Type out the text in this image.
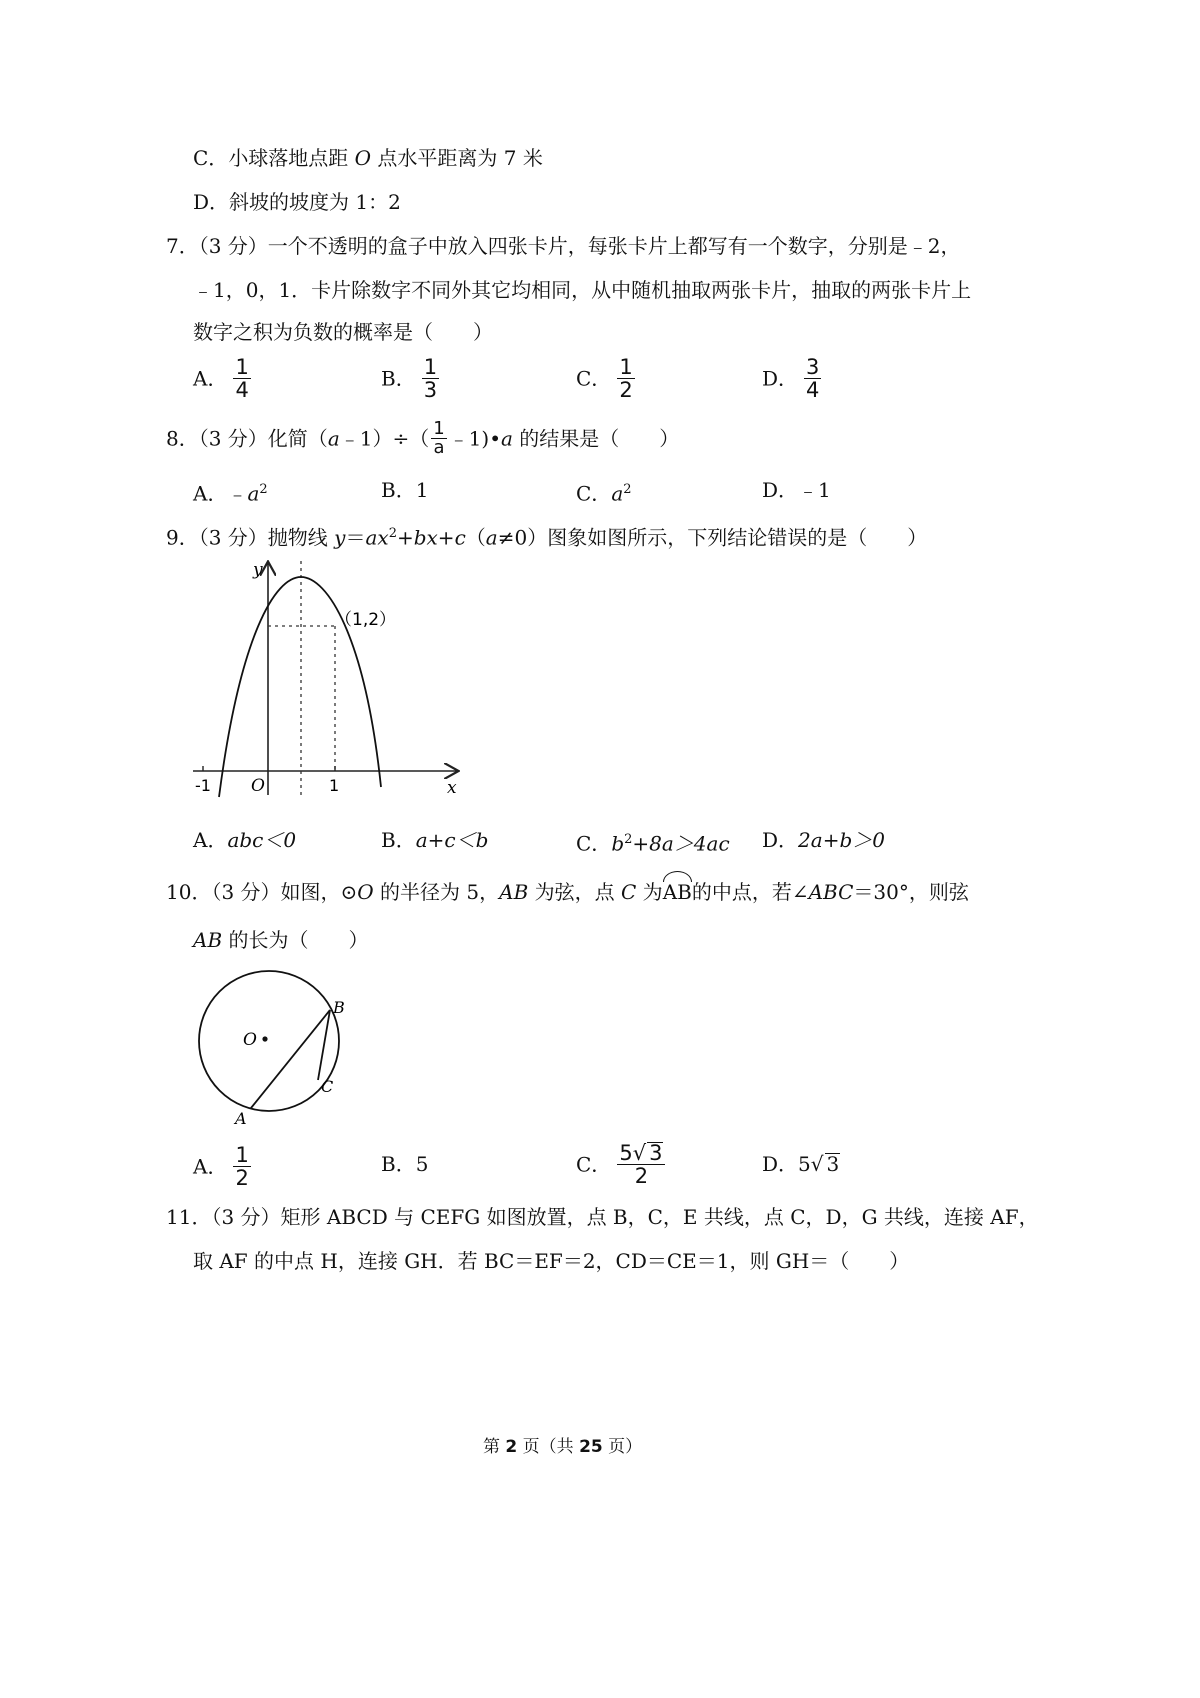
C．小球落地点距 O 点水平距离为 7 米
D．斜坡的坡度为 1：2
7．（3 分）一个不透明的盒子中放入四张卡片，每张卡片上都写有一个数字，分别是﹣2，
﹣1，0，1．卡片除数字不同外其它均相同，从中随机抽取两张卡片，抽取的两张卡片上
数字之积为负数的概率是（　　）
A． $\frac{1}{4}$	B． $\frac{1}{3}$	C． $\frac{1}{2}$	D． $\frac{3}{4}$
8．（3 分）化简（a﹣1）÷（ $\frac{1}{a}$ ﹣1)•a 的结果是（　　）
A．$﹣a^2$	B．1	C．$a^2$	D．﹣1
9．（3 分）抛物线 $y=ax^2+bx+c(a\ne 0)$图象如图所示，下列结论错误的是（　　）
y
x
O
-1	1
（1,2）
A．abc＜0	B．a+c＜b	C．$b^2+8a>4ac$ D．2a+b＞0
10．（3 分）如图，⊙O 的半径为 5，AB 为弦，点 C 为AB的中点，若∠ABC＝30°，则弦
AB 的长为（　　）
O
B
C
A
A． $\frac{1}{2}$	B．5	C． $\frac{5√ 3}{2}$	D．5√ 3
11．（3 分）矩形 ABCD 与 CEFG 如图放置，点 B，C，E 共线，点 C，D，G 共线，连接 AF，
取 AF 的中点 H，连接 GH．若 BC＝EF＝2，CD＝CE＝1，则 GH＝（　　）
第 2 页（共 25 页）
